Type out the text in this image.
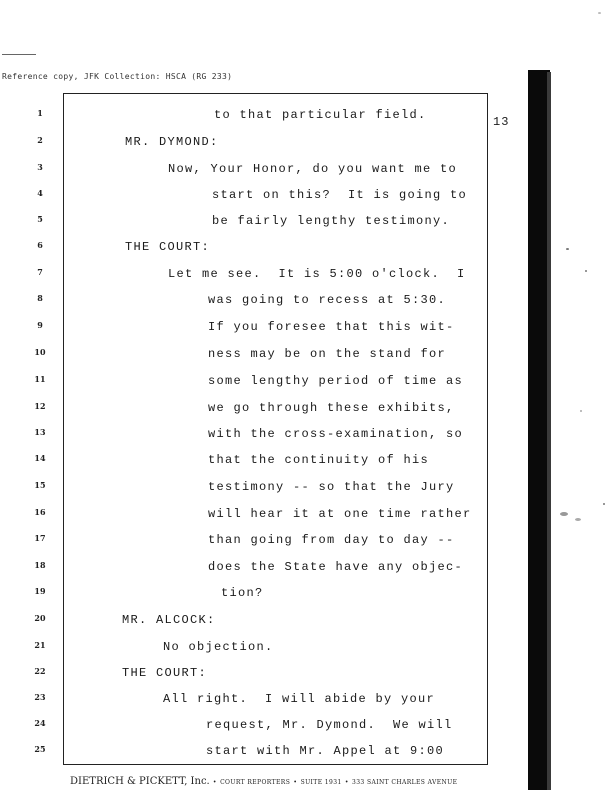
Reference copy, JFK Collection: HSCA (RG 233)
13
1
2
3
4
5
6
7
8
9
10
11
12
13
14
15
16
17
18
19
20
21
22
23
24
25
to that particular field.
MR. DYMOND:
Now, Your Honor, do you want me to
start on this?  It is going to
be fairly lengthy testimony.
THE COURT:
Let me see.  It is 5:00 o'clock.  I
was going to recess at 5:30.
If you foresee that this wit-
ness may be on the stand for
some lengthy period of time as
we go through these exhibits,
with the cross-examination, so
that the continuity of his
testimony -- so that the Jury
will hear it at one time rather
than going from day to day --
does the State have any objec-
tion?
MR. ALCOCK:
No objection.
THE COURT:
All right.  I will abide by your
request, Mr. Dymond.  We will
start with Mr. Appel at 9:00
DIETRICH & PICKETT, Inc. • COURT REPORTERS • SUITE 1931 • 333 SAINT CHARLES AVENUE
